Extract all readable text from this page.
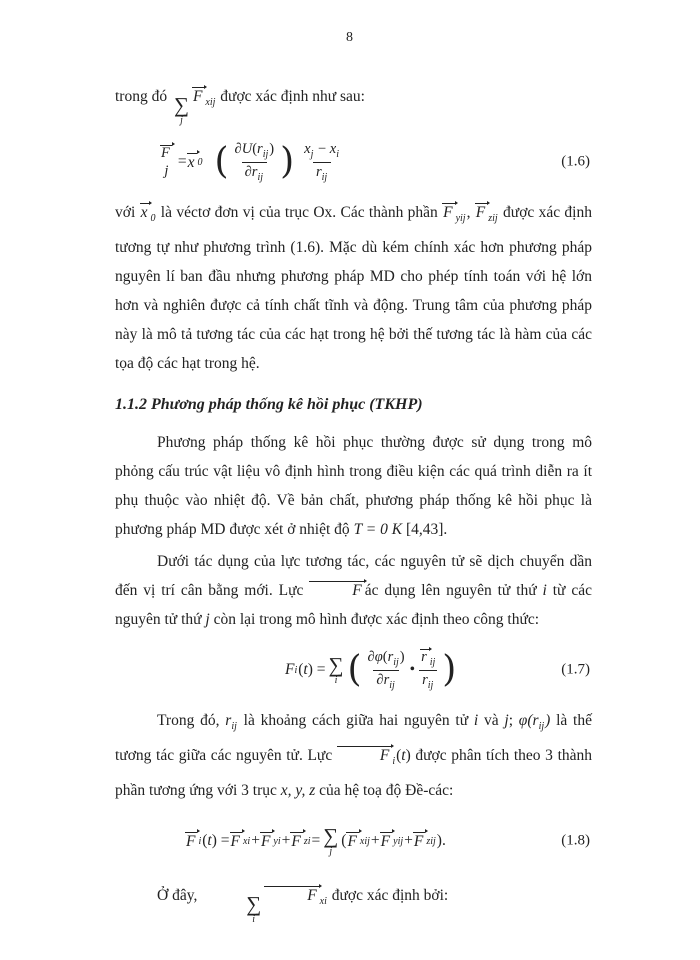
8

trong đó ∑
j
F $_{xij}$ được xác định như sau:

F
j
= x 0 ( $\frac{\partial U(r_{ij})}{\partial r_{ij}}$ ) $\frac{x_j - x_i}{r_{ij}}$	(1.6)

với x $_0$ là véctơ đơn vị của trục Ox. Các thành phần F $_{yij}$, F $_{zij}$ được xác định tương tự như phương trình (1.6). Mặc dù kém chính xác hơn phương pháp nguyên lí ban đầu nhưng phương pháp MD cho phép tính toán với hệ lớn hơn và nghiên được cả tính chất tĩnh và động. Trung tâm của phương pháp này là mô tả tương tác của các hạt trong hệ bởi thế tương tác là hàm của các tọa độ các hạt trong hệ.

1.1.2 Phương pháp thống kê hồi phục (TKHP)

Phương pháp thống kê hồi phục thường được sử dụng trong mô phỏng cấu trúc vật liệu vô định hình trong điều kiện các quá trình diễn ra ít phụ thuộc vào nhiệt độ. Về bản chất, phương pháp thống kê hồi phục là phương pháp MD được xét ở nhiệt độ T = 0 K [4,43].

Dưới tác dụng của lực tương tác, các nguyên tử sẽ dịch chuyển dần đến vị trí cân bằng mới. Lực	F ác dụng lên nguyên tử thứ i từ các nguyên tử thứ j còn lại trong mô hình được xác định theo công thức:

F i ( t ) = ∑
i ( $\frac{\partial\varphi(r_{ij})}{\partial r_{ij}}$ • $\frac{r _{ij}}{r_{ij}}$ )	(1.7)

Trong đó, $r_{ij}$ là khoảng cách giữa hai nguyên tử i và j; $\varphi(r_{ij})$ là thế tương tác giữa các nguyên tử. Lực	F $_i$(t) được phân tích theo 3 thành phần tương ứng với 3 trục x, y, z của hệ toạ độ Đề-các:

F i ( t ) = F xi + F yi + F zi = ∑
j
( F xij + F yij + F zij ).	(1.8)

Ở đây,	∑
i
F $_{xi}$ được xác định bởi:
